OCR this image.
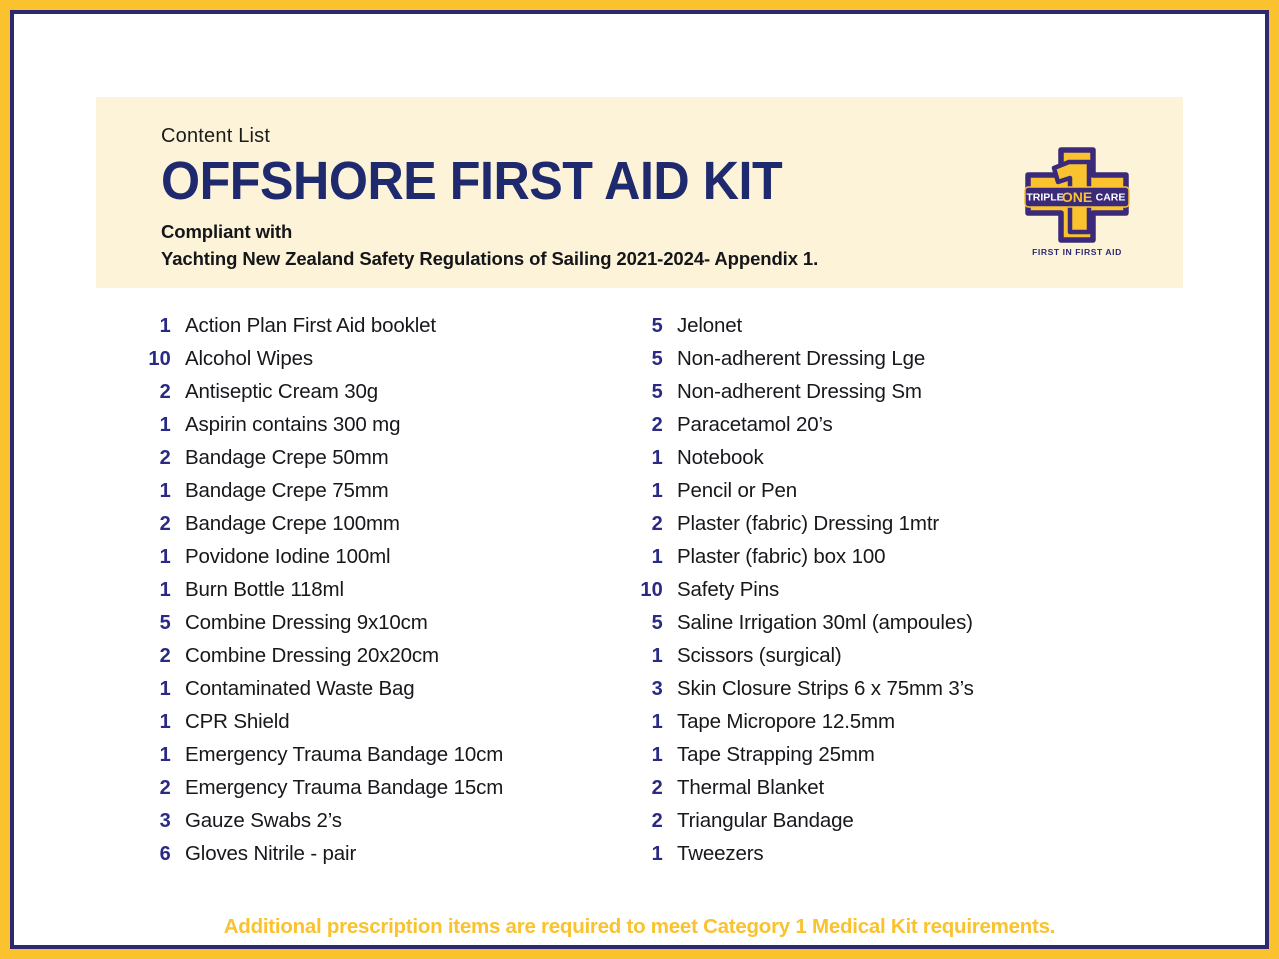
Content List
OFFSHORE FIRST AID KIT
Compliant with
Yachting New Zealand Safety Regulations of Sailing 2021-2024- Appendix 1.
TRIPLE
ONE CARE
FIRST IN FIRST AID
1 Action Plan First Aid booklet
10 Alcohol Wipes
2 Antiseptic Cream 30g
1 Aspirin contains 300 mg
2 Bandage Crepe 50mm
1 Bandage Crepe 75mm
2 Bandage Crepe 100mm
1 Povidone Iodine 100ml
1 Burn Bottle 118ml
5 Combine Dressing 9x10cm
2 Combine Dressing 20x20cm
1 Contaminated Waste Bag
1 CPR Shield
1 Emergency Trauma Bandage 10cm
2 Emergency Trauma Bandage 15cm
3 Gauze Swabs 2’s
6 Gloves Nitrile - pair
5 Jelonet
5 Non-adherent Dressing Lge
5 Non-adherent Dressing Sm
2 Paracetamol 20’s
1 Notebook
1 Pencil or Pen
2 Plaster (fabric) Dressing 1mtr
1 Plaster (fabric) box 100
10 Safety Pins
5 Saline Irrigation 30ml (ampoules)
1 Scissors (surgical)
3 Skin Closure Strips 6 x 75mm 3’s
1 Tape Micropore 12.5mm
1 Tape Strapping 25mm
2 Thermal Blanket
2 Triangular Bandage
1 Tweezers
Additional prescription items are required to meet Category 1 Medical Kit requirements.
